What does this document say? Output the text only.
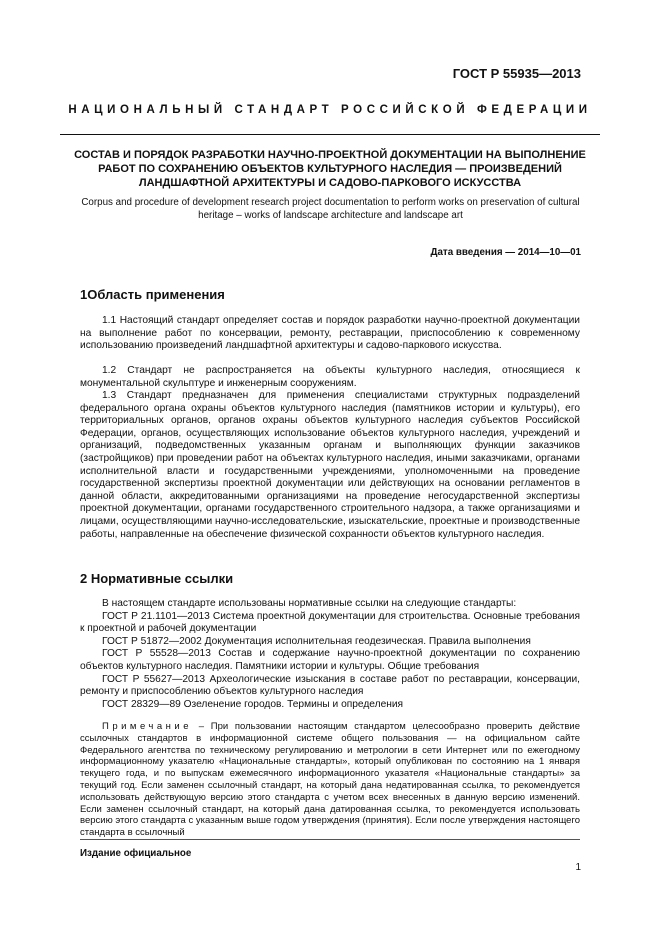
ГОСТ Р 55935—2013
НАЦИОНАЛЬНЫЙ СТАНДАРТ РОССИЙСКОЙ ФЕДЕРАЦИИ
СОСТАВ И ПОРЯДОК РАЗРАБОТКИ НАУЧНО-ПРОЕКТНОЙ ДОКУМЕНТАЦИИ НА ВЫПОЛНЕНИЕ РАБОТ ПО СОХРАНЕНИЮ ОБЪЕКТОВ КУЛЬТУРНОГО НАСЛЕДИЯ — ПРОИЗВЕДЕНИЙ ЛАНДШАФТНОЙ АРХИТЕКТУРЫ И САДОВО-ПАРКОВОГО ИСКУССТВА
Corpus and procedure of development research project documentation to perform works on preservation of cultural heritage – works of landscape architecture and landscape art
Дата введения — 2014—10—01
1Область применения
1.1 Настоящий стандарт определяет состав и порядок разработки научно-проектной документации на выполнение работ по консервации, ремонту, реставрации, приспособлению к современному использованию произведений ландшафтной архитектуры и садово-паркового искусства.
1.2 Стандарт не распространяется на объекты культурного наследия, относящиеся к монументальной скульптуре и инженерным сооружениям.
1.3 Стандарт предназначен для применения специалистами структурных подразделений федерального органа охраны объектов культурного наследия (памятников истории и культуры), его территориальных органов, органов охраны объектов культурного наследия субъектов Российской Федерации, органов, осуществляющих использование объектов культурного наследия, учреждений и организаций, подведомственных указанным органам и выполняющих функции заказчиков (застройщиков) при проведении работ на объектах культурного наследия, иными заказчиками, органами исполнительной власти и государственными учреждениями, уполномоченными на проведение государственной экспертизы проектной документации или действующих на основании регламентов в данной области, аккредитованными организациями на проведение негосударственной экспертизы проектной документации, органами государственного строительного надзора, а также организациями и лицами, осуществляющими научно-исследовательские, изыскательские, проектные и производственные работы, направленные на обеспечение физической сохранности объектов культурного наследия.
2 Нормативные ссылки
В настоящем стандарте использованы нормативные ссылки на следующие стандарты:
ГОСТ Р 21.1101—2013 Система проектной документации для строительства. Основные требования к проектной и рабочей документации
ГОСТ Р 51872—2002 Документация исполнительная геодезическая. Правила выполнения
ГОСТ Р 55528—2013 Состав и содержание научно-проектной документации по сохранению объектов культурного наследия. Памятники истории и культуры. Общие требования
ГОСТ Р 55627—2013 Археологические изыскания в составе работ по реставрации, консервации, ремонту и приспособлению объектов культурного наследия
ГОСТ 28329—89 Озеленение городов. Термины и определения
Примечание – При пользовании настоящим стандартом целесообразно проверить действие ссылочных стандартов в информационной системе общего пользования — на официальном сайте Федерального агентства по техническому регулированию и метрологии в сети Интернет или по ежегодному информационному указателю «Национальные стандарты», который опубликован по состоянию на 1 января текущего года, и по выпускам ежемесячного информационного указателя «Национальные стандарты» за текущий год. Если заменен ссылочный стандарт, на который дана недатированная ссылка, то рекомендуется использовать действующую версию этого стандарта с учетом всех внесенных в данную версию изменений. Если заменен ссылочный стандарт, на который дана датированная ссылка, то рекомендуется использовать версию этого стандарта с указанным выше годом утверждения (принятия). Если после утверждения настоящего стандарта в ссылочный
Издание официальное
1
